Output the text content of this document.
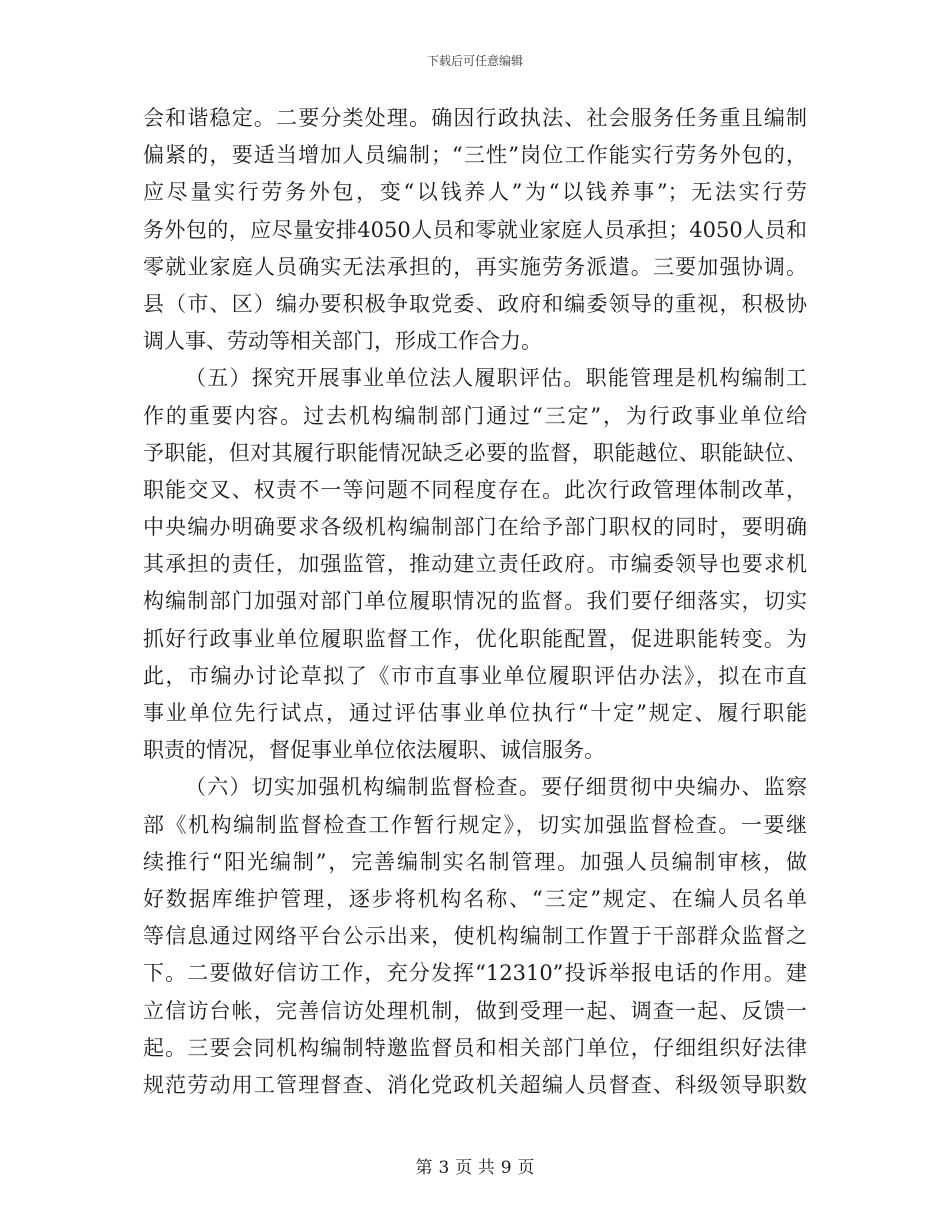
下载后可任意编辑
会和谐稳定。二要分类处理。确因行政执法、社会服务任务重且编制
偏紧的，要适当增加人员编制；“三性”岗位工作能实行劳务外包的，
应尽量实行劳务外包，变“以钱养人”为“以钱养事”；无法实行劳
务外包的，应尽量安排4050人员和零就业家庭人员承担；4050人员和
零就业家庭人员确实无法承担的，再实施劳务派遣。三要加强协调。
县（市、区）编办要积极争取党委、政府和编委领导的重视，积极协
调人事、劳动等相关部门，形成工作合力。
（五）探究开展事业单位法人履职评估。职能管理是机构编制工
作的重要内容。过去机构编制部门通过“三定”，为行政事业单位给
予职能，但对其履行职能情况缺乏必要的监督，职能越位、职能缺位、
职能交叉、权责不一等问题不同程度存在。此次行政管理体制改革，
中央编办明确要求各级机构编制部门在给予部门职权的同时，要明确
其承担的责任，加强监管，推动建立责任政府。市编委领导也要求机
构编制部门加强对部门单位履职情况的监督。我们要仔细落实，切实
抓好行政事业单位履职监督工作，优化职能配置，促进职能转变。为
此，市编办讨论草拟了《市市直事业单位履职评估办法》，拟在市直
事业单位先行试点，通过评估事业单位执行“十定”规定、履行职能
职责的情况，督促事业单位依法履职、诚信服务。
（六）切实加强机构编制监督检查。要仔细贯彻中央编办、监察
部《机构编制监督检查工作暂行规定》，切实加强监督检查。一要继
续推行“阳光编制”，完善编制实名制管理。加强人员编制审核，做
好数据库维护管理，逐步将机构名称、“三定”规定、在编人员名单
等信息通过网络平台公示出来，使机构编制工作置于干部群众监督之
下。二要做好信访工作，充分发挥“12310”投诉举报电话的作用。建
立信访台帐，完善信访处理机制，做到受理一起、调查一起、反馈一
起。三要会同机构编制特邀监督员和相关部门单位，仔细组织好法律
规范劳动用工管理督查、消化党政机关超编人员督查、科级领导职数
第 3 页 共 9 页
